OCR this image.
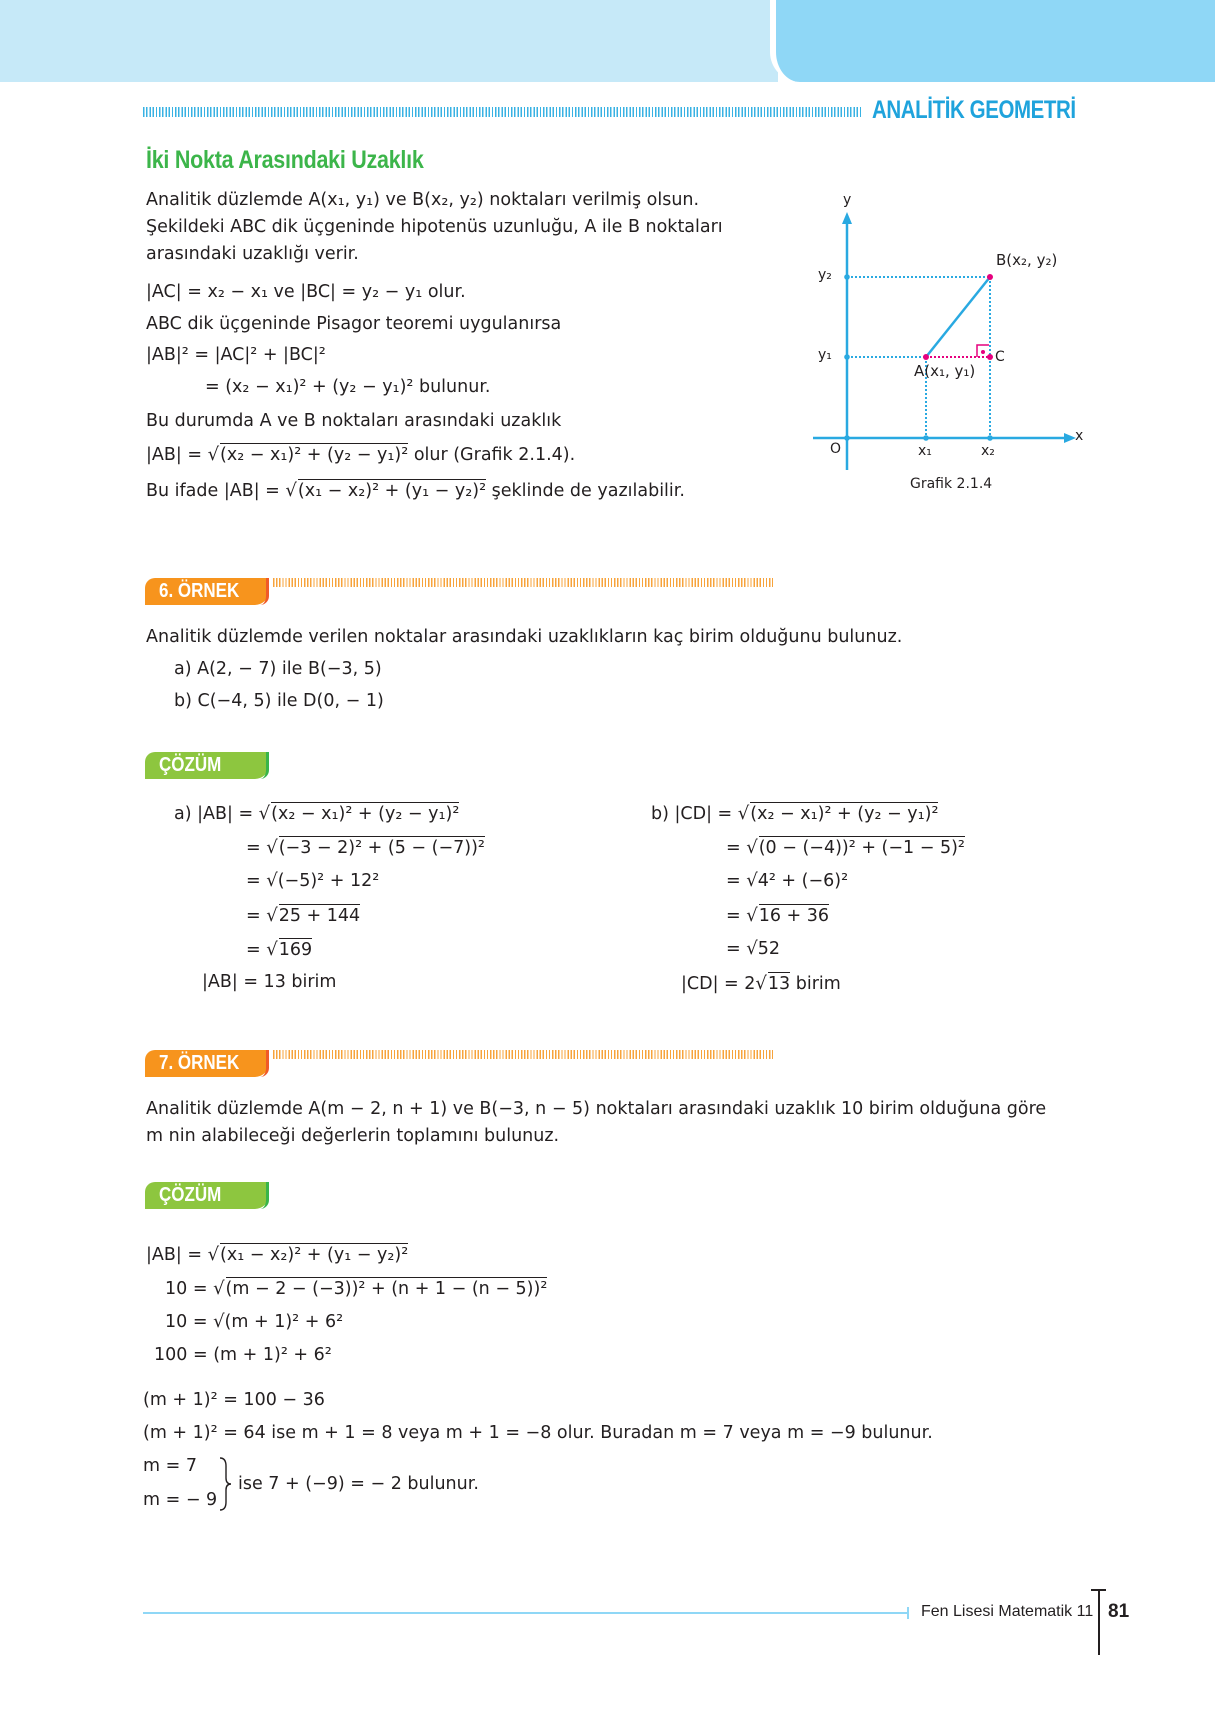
ANALİTİK GEOMETRİ
İki Nokta Arasındaki Uzaklık
Analitik düzlemde A(x₁, y₁) ve B(x₂, y₂) noktaları verilmiş olsun.
Şekildeki ABC dik üçgeninde hipotenüs uzunluğu, A ile B noktaları
arasındaki uzaklığı verir.
|AC| = x₂ − x₁ ve |BC| = y₂ − y₁ olur.
ABC dik üçgeninde Pisagor teoremi uygulanırsa
|AB|² = |AC|² + |BC|²
= (x₂ − x₁)² + (y₂ − y₁)² bulunur.
Bu durumda A ve B noktaları arasındaki uzaklık
|AB| = √(x₂ − x₁)² + (y₂ − y₁)² olur (Grafik 2.1.4).
Bu ifade |AB| = √(x₁ − x₂)² + (y₁ − y₂)² şeklinde de yazılabilir.
y
x
O
y₂
y₁
x₁	x₂
B(x₂, y₂)
A(x₁, y₁)
C
Grafik 2.1.4
6. ÖRNEK
Analitik düzlemde verilen noktalar arasındaki uzaklıkların kaç birim olduğunu bulunuz.
a) A(2, − 7) ile B(−3, 5)
b) C(−4, 5) ile D(0, − 1)
ÇÖZÜM
a) |AB| = √(x₂ − x₁)² + (y₂ − y₁)²
= √(−3 − 2)² + (5 − (−7))²
= √(−5)² + 12²
= √25 + 144
= √169
|AB| = 13 birim
b) |CD| = √(x₂ − x₁)² + (y₂ − y₁)²
= √(0 − (−4))² + (−1 − 5)²
= √4² + (−6)²
= √16 + 36
= √52
|CD| = 2√13 birim
7. ÖRNEK
Analitik düzlemde A(m − 2, n + 1) ve B(−3, n − 5) noktaları arasındaki uzaklık 10 birim olduğuna göre
m nin alabileceği değerlerin toplamını bulunuz.
ÇÖZÜM
|AB| = √(x₁ − x₂)² + (y₁ − y₂)²
10 = √(m − 2 − (−3))² + (n + 1 − (n − 5))²
10 = √(m + 1)² + 6²
100 = (m + 1)² + 6²
(m + 1)² = 100 − 36
(m + 1)² = 64 ise m + 1 = 8 veya m + 1 = −8 olur. Buradan m = 7 veya m = −9 bulunur.
m = 7
m = − 9
ise 7 + (−9) = − 2 bulunur.
Fen Lisesi Matematik 11 81
